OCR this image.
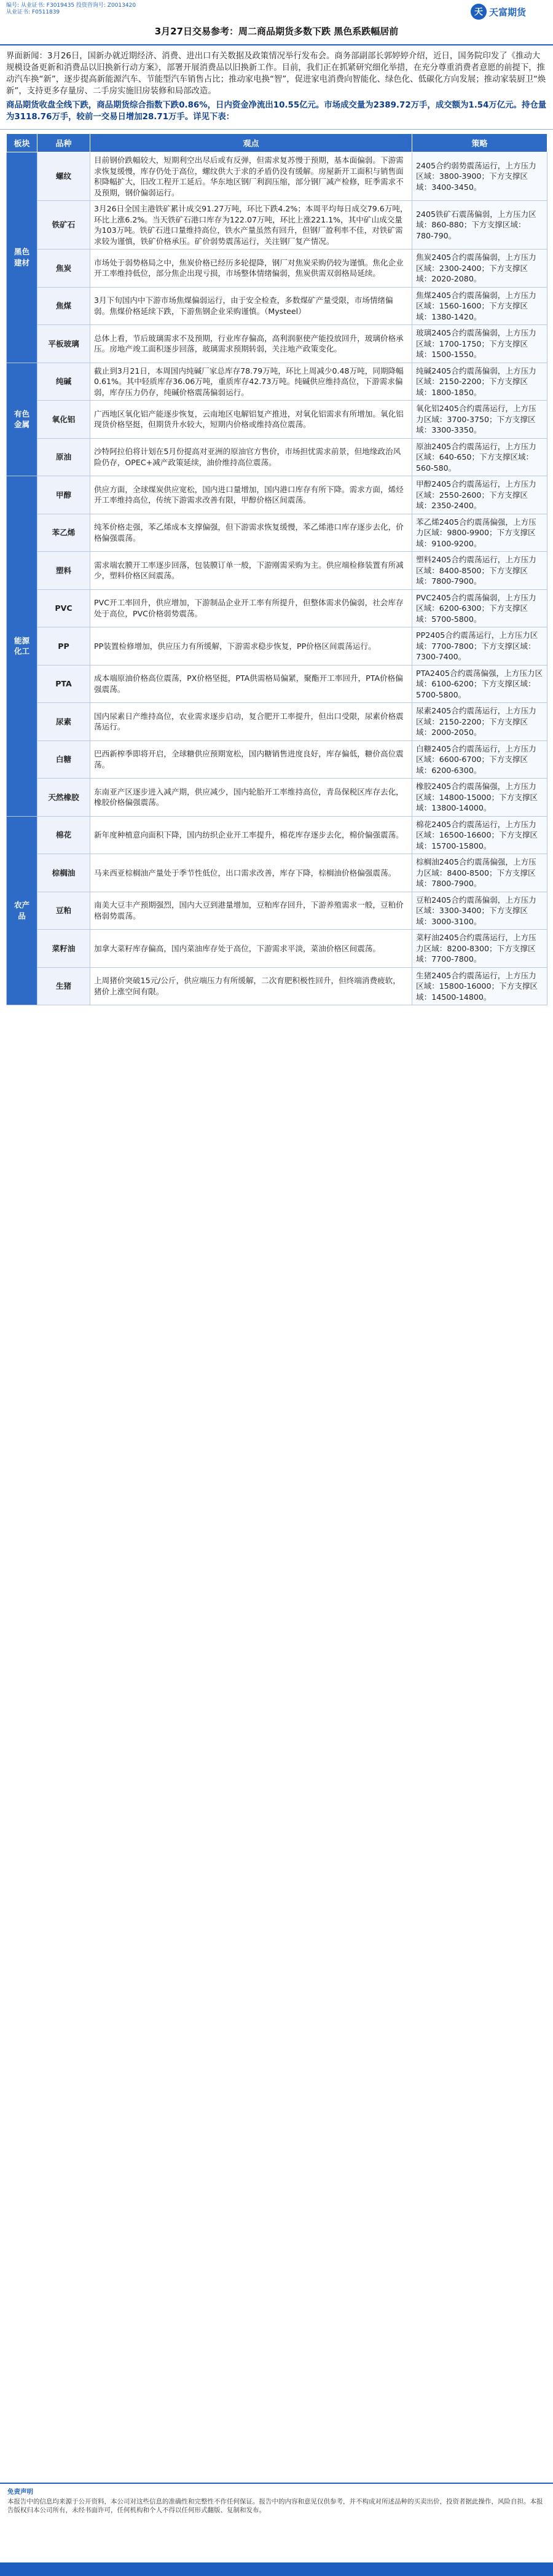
编号: 从业证书: F3019435 投资咨询号: Z0013420
从业证书: F0511839	天 天富期货
3月27日交易参考：周二商品期货多数下跌 黑色系跌幅居前

界面新闻：3月26日，国新办就近期经济、消费、进出口有关数据及政策情况举行发布会。商务部副部长郭婷婷介绍，近日，国务院印发了《推动大规模设备更新和消费品以旧换新行动方案》，部署开展消费品以旧换新工作。目前，我们正在抓紧研究细化举措，在充分尊重消费者意愿的前提下，推动汽车换“新”，逐步提高新能源汽车、节能型汽车销售占比；推动家电换“智”，促进家电消费向智能化、绿色化、低碳化方向发展；推动家装厨卫“焕新”，支持更多存量房、二手房实施旧房装修和局部改造。

商品期货收盘全线下跌，商品期货综合指数下跌0.86%，日内资金净流出10.55亿元。市场成交量为2389.72万手，成交额为1.54万亿元。持仓量为3118.76万手，较前一交易日增加28.71万手。详见下表：

板块	品种	观点	策略
黑色建材	螺纹	目前钢价跌幅较大，短期利空出尽后或有反弹，但需求复苏慢于预期，基本面偏弱。下游需求恢复缓慢，库存仍处于高位，螺纹供大于求的矛盾仍没有缓解。房屋新开工面积与销售面积降幅扩大，旧改工程开工延后。华东地区钢厂利润压缩，部分钢厂减产检修，旺季需求不及预期，钢价偏弱运行。	2405合约弱势震荡运行，上方压力区域：3800-3900；下方支撑区域：3400-3450。
	铁矿石	3月26日全国主港铁矿累计成交91.27万吨，环比下跌4.2%；本周平均每日成交79.6万吨，环比上涨6.2%。当天铁矿石港口库存为122.07万吨，环比上涨221.1%，其中矿山成交量为103万吨。铁矿石进口量维持高位，铁水产量虽然有回升，但钢厂盈利率不佳，对铁矿需求较为谨慎，铁矿价格承压。矿价弱势震荡运行，关注钢厂复产情况。	2405铁矿石震荡偏弱，上方压力区域：860-880；下方支撑区域：780-790。
	焦炭	市场处于弱势格局之中，焦炭价格已经历多轮提降，钢厂对焦炭采购仍较为谨慎。焦化企业开工率维持低位，部分焦企出现亏损，市场整体情绪偏弱，焦炭供需双弱格局延续。	焦炭2405合约震荡偏弱，上方压力区域：2300-2400；下方支撑区域：2020-2080。
	焦煤	3月下旬国内中下游市场焦煤偏弱运行，由于安全检查，多数煤矿产量受限，市场情绪偏弱。焦煤价格延续下跌，下游焦钢企业采购谨慎。（Mysteel）	焦煤2405合约震荡偏弱，上方压力区域：1560-1600；下方支撑区域：1380-1420。
	平板玻璃	总体上看，节后玻璃需求不及预期，行业库存偏高，高利润驱使产能投放回升，玻璃价格承压。房地产竣工面积逐步回落，玻璃需求预期转弱，关注地产政策变化。	玻璃2405合约震荡偏弱，上方压力区域：1700-1750；下方支撑区域：1500-1550。
有色金属	纯碱	截止到3月21日，本周国内纯碱厂家总库存78.79万吨，环比上周减少0.48万吨，同期降幅0.61%。其中轻质库存36.06万吨，重质库存42.73万吨。纯碱供应维持高位，下游需求偏弱，库存压力仍存，纯碱价格震荡偏弱运行。	纯碱2405合约震荡偏弱，上方压力区域：2150-2200；下方支撑区域：1800-1850。
	氧化铝	广西地区氧化铝产能逐步恢复，云南地区电解铝复产推进，对氧化铝需求有所增加。氧化铝现货价格坚挺，但期货升水较大，短期内价格或维持高位震荡。	氧化铝2405合约震荡运行，上方压力区域：3700-3750；下方支撑区域：3300-3350。
	原油	沙特阿拉伯将计划在5月份提高对亚洲的原油官方售价，市场担忧需求前景，但地缘政治风险仍存，OPEC+减产政策延续，油价维持高位震荡。	原油2405合约震荡运行，上方压力区域：640-650；下方支撑区域：560-580。
能源化工	甲醇	供应方面，全球煤炭供应宽松，国内进口量增加，国内港口库存有所下降。需求方面，烯烃开工率维持高位，传统下游需求改善有限，甲醇价格区间震荡。	甲醇2405合约震荡运行，上方压力区域：2550-2600；下方支撑区域：2350-2400。
	苯乙烯	纯苯价格走强，苯乙烯成本支撑偏强，但下游需求恢复缓慢，苯乙烯港口库存逐步去化，价格偏强震荡。	苯乙烯2405合约震荡偏强，上方压力区域：9800-9900；下方支撑区域：9100-9200。
	塑料	需求端农膜开工率逐步回落，包装膜订单一般，下游刚需采购为主。供应端检修装置有所减少，塑料价格区间震荡。	塑料2405合约震荡运行，上方压力区域：8400-8500；下方支撑区域：7800-7900。
	PVC	PVC开工率回升，供应增加，下游制品企业开工率有所提升，但整体需求仍偏弱，社会库存处于高位，PVC价格弱势震荡。	PVC2405合约震荡偏弱，上方压力区域：6200-6300；下方支撑区域：5700-5800。
	PP	PP装置检修增加，供应压力有所缓解，下游需求稳步恢复，PP价格区间震荡运行。	PP2405合约震荡运行，上方压力区域：7700-7800；下方支撑区域：7300-7400。
	PTA	成本端原油价格高位震荡，PX价格坚挺，PTA供需格局偏紧，聚酯开工率回升，PTA价格偏强震荡。	PTA2405合约震荡偏强，上方压力区域：6100-6200；下方支撑区域：5700-5800。
	尿素	国内尿素日产维持高位，农业需求逐步启动，复合肥开工率提升，但出口受限，尿素价格震荡运行。	尿素2405合约震荡运行，上方压力区域：2150-2200；下方支撑区域：2000-2050。
	白糖	巴西新榨季即将开启，全球糖供应预期宽松，国内糖销售进度良好，库存偏低，糖价高位震荡。	白糖2405合约震荡运行，上方压力区域：6600-6700；下方支撑区域：6200-6300。
	天然橡胶	东南亚产区逐步进入减产期，供应减少，国内轮胎开工率维持高位，青岛保税区库存去化，橡胶价格偏强震荡。	橡胶2405合约震荡偏强，上方压力区域：14800-15000；下方支撑区域：13800-14000。
农产品	棉花	新年度种植意向面积下降，国内纺织企业开工率提升，棉花库存逐步去化，棉价偏强震荡。	棉花2405合约震荡运行，上方压力区域：16500-16600；下方支撑区域：15700-15800。
	棕榈油	马来西亚棕榈油产量处于季节性低位，出口需求改善，库存下降，棕榈油价格偏强震荡。	棕榈油2405合约震荡偏强，上方压力区域：8400-8500；下方支撑区域：7800-7900。
	豆粕	南美大豆丰产预期强烈，国内大豆到港量增加，豆粕库存回升，下游养殖需求一般，豆粕价格弱势震荡。	豆粕2405合约震荡偏弱，上方压力区域：3300-3400；下方支撑区域：3000-3100。
	菜籽油	加拿大菜籽库存偏高，国内菜油库存处于高位，下游需求平淡，菜油价格区间震荡。	菜籽油2405合约震荡运行，上方压力区域：8200-8300；下方支撑区域：7700-7800。
	生猪	上周猪价突破15元/公斤，供应端压力有所缓解，二次育肥积极性回升，但终端消费疲软，猪价上涨空间有限。	生猪2405合约震荡运行，上方压力区域：15800-16000；下方支撑区域：14500-14800。
免责声明
本报告中的信息均来源于公开资料，本公司对这些信息的准确性和完整性不作任何保证。报告中的内容和意见仅供参考，并不构成对所述品种的买卖出价，投资者据此操作，风险自担。本报告版权归本公司所有，未经书面许可，任何机构和个人不得以任何形式翻版、复制和发布。
